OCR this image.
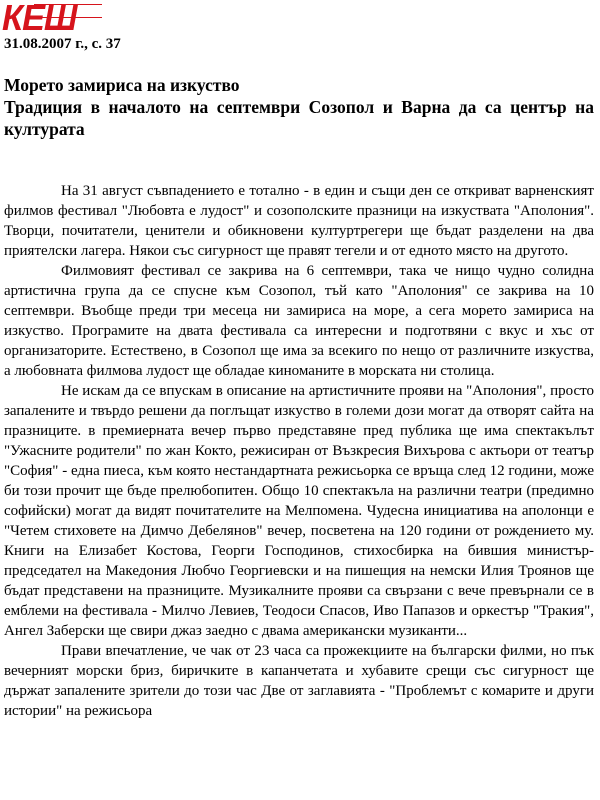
КЕШ
31.08.2007 г., с. 37
Морето замириса на изкуство
Традиция в началото на септември Созопол и Варна да са център на културата

На 31 август съвпадението е тотално - в един и същи ден се откриват варненският филмов фестивал "Любовта е лудост" и созополските празници на изкуствата "Аполония". Творци, почитатели, ценители и обикновени културтрегери ще бъдат разделени на два приятелски лагера. Някои със сигурност ще правят тегели и от едното място на другото.

Филмовият фестивал се закрива на 6 септември, така че нищо чудно солидна артистична група да се спусне към Созопол, тъй като "Аполония" се закрива на 10 септември. Въобще преди три месеца ни замириса на море, а сега морето замириса на изкуство. Програмите на двата фестивала са интересни и подготвяни с вкус и хъс от организаторите. Естествено, в Созопол ще има за всекиго по нещо от различните изкуства, а любовната филмова лудост ще обладае киноманите в морската ни столица.

Не искам да се впускам в описание на артистичните прояви на "Аполония", просто запалените и твърдо решени да поглъщат изкуство в големи дози могат да отворят сайта на празниците. в премиерната вечер първо представяне пред публика ще има спектакълът "Ужасните родители" по жан Кокто, режисиран от Възкресия Вихърова с актьори от театър "София" - една пиеса, към която нестандартната режисьорка се връща след 12 години, може би този прочит ще бъде прелюбопитен. Общо 10 спектакъла на различни театри (предимно софийски) могат да видят почитателите на Мелпомена. Чудесна инициатива на аполонци е "Четем стиховете на Димчо Дебелянов" вечер, посветена на 120 години от рождението му. Книги на Елизабет Костова, Георги Господинов, стихосбирка на бившия министър-председател на Македония Любчо Георгиевски и на пишещия на немски Илия Троянов ще бъдат представени на празниците. Музикалните прояви са свързани с вече превърнали се в емблеми на фестивала - Милчо Левиев, Теодоси Спасов, Иво Папазов и оркестър "Тракия", Ангел Заберски ще свири джаз заедно с двама американски музиканти...

Прави впечатление, че чак от 23 часа са прожекциите на български филми, но пък вечерният морски бриз, биричките в капанчетата и хубавите срещи със сигурност ще държат запалените зрители до този час Две от заглавията - "Проблемът с комарите и други истории" на режисьора
